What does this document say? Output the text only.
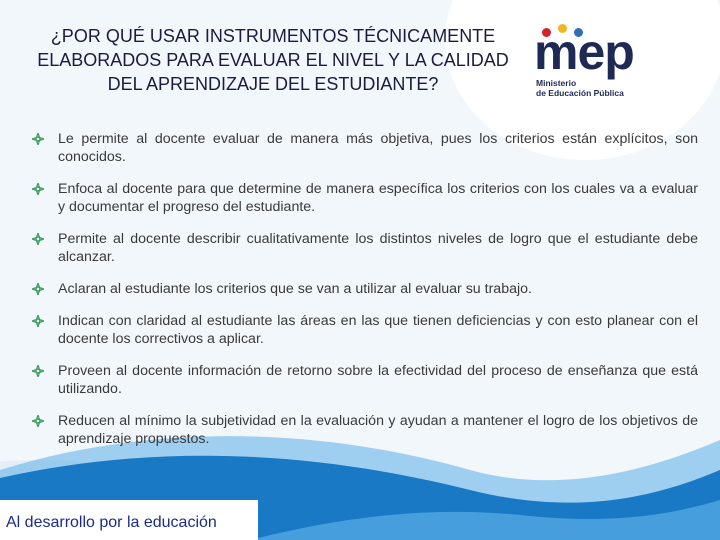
¿POR QUÉ USAR INSTRUMENTOS TÉCNICAMENTE ELABORADOS PARA EVALUAR EL NIVEL Y LA CALIDAD DEL APRENDIZAJE DEL ESTUDIANTE?
mep
Ministerio
de Educación Pública
Le permite al docente evaluar de manera más objetiva, pues los criterios están explícitos, son conocidos.
Enfoca al docente para que determine de manera específica los criterios con los cuales va a evaluar y documentar el progreso del estudiante.
Permite al docente describir cualitativamente los distintos niveles de logro que el estudiante debe alcanzar.
Aclaran al estudiante los criterios que se van a utilizar al evaluar su trabajo.
Indican con claridad al estudiante las áreas en las que tienen deficiencias y con esto planear con el docente los correctivos a aplicar.
Proveen al docente información de retorno sobre la efectividad del proceso de enseñanza que está utilizando.
Reducen al mínimo la subjetividad en la evaluación y ayudan a mantener el logro de los objetivos de aprendizaje propuestos.
Al desarrollo por la educación
